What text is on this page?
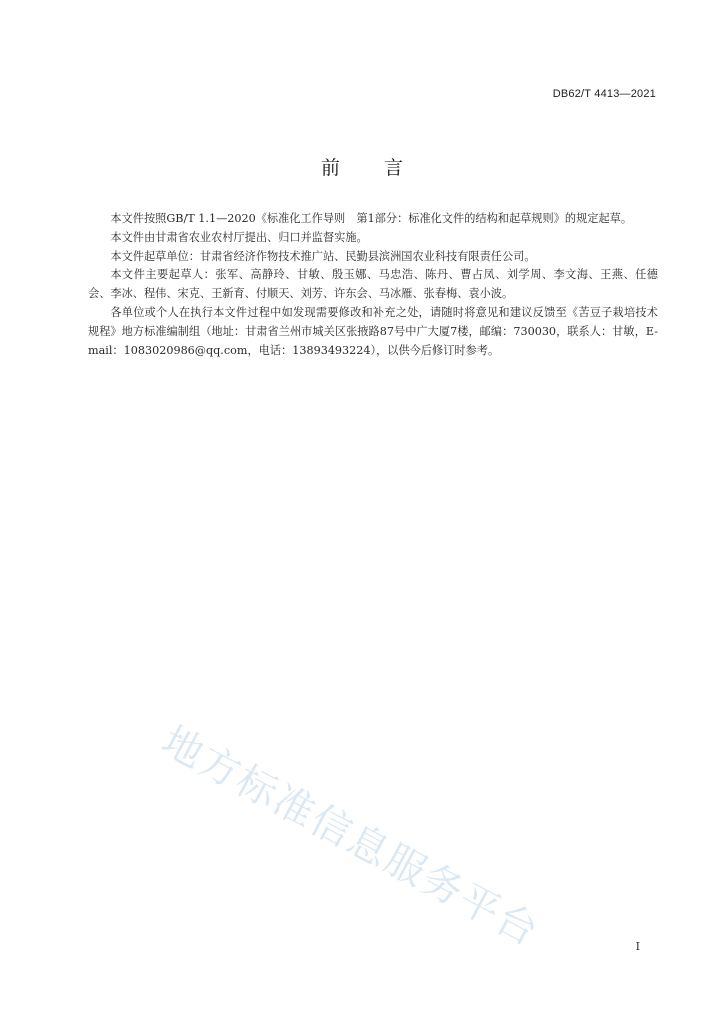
DB62/T 4413—2021
前言

本文件按照GB/T 1.1—2020《标准化工作导则　第1部分：标准化文件的结构和起草规则》的规定起草。

本文件由甘肃省农业农村厅提出、归口并监督实施。

本文件起草单位：甘肃省经济作物技术推广站、民勤县滨洲国农业科技有限责任公司。

本文件主要起草人：张军、高静玲、甘敏、殷玉娜、马忠浩、陈丹、曹占凤、刘学周、李文海、王燕、任德会、李冰、程伟、宋克、王新育、付顺天、刘芳、许东会、马冰雁、张春梅、袁小波。

各单位或个人在执行本文件过程中如发现需要修改和补充之处，请随时将意见和建议反馈至《苦豆子栽培技术规程》地方标准编制组（地址：甘肃省兰州市城关区张掖路87号中广大厦7楼，邮编：730030，联系人：甘敏，E-mail：1083020986@qq.com，电话：13893493224），以供今后修订时参考。

地方标准信息服务平台	I
